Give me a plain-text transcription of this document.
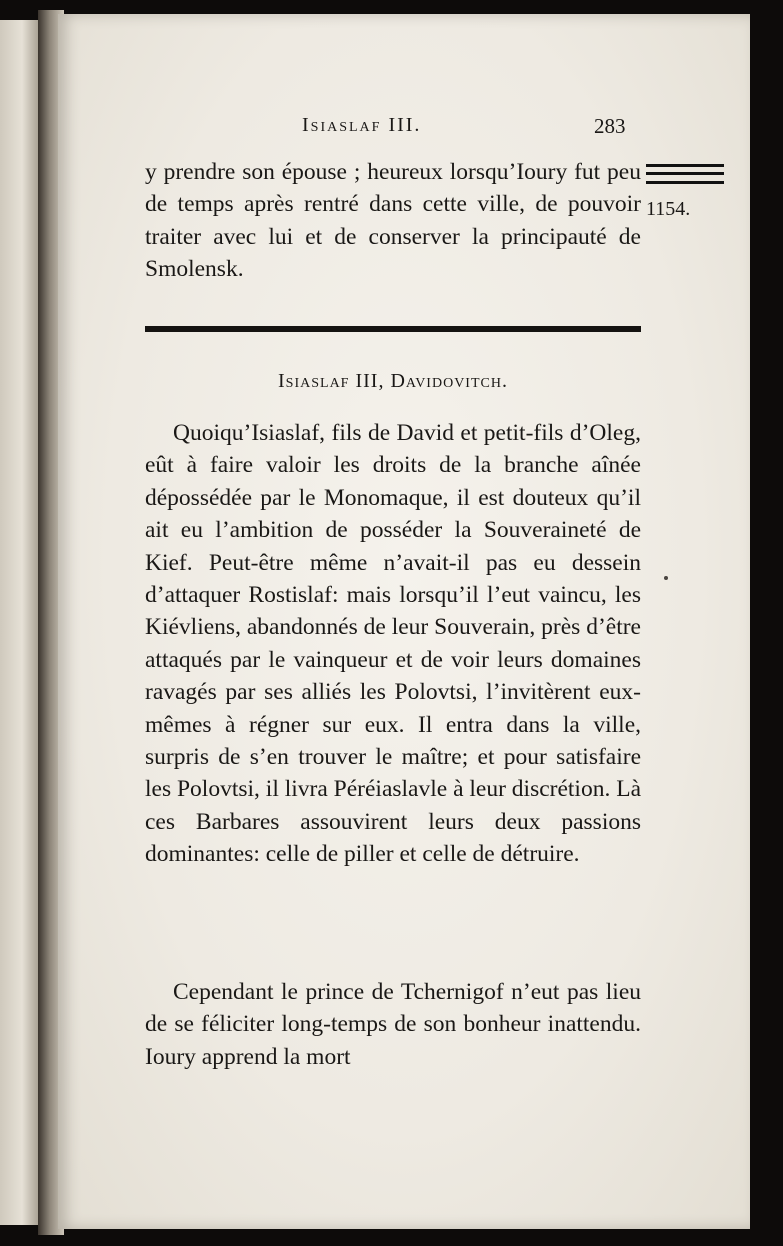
Isiaslaf III.	283
y prendre son épouse ; heureux lorsqu’Ioury fut peu de temps après rentré dans cette ville, de pouvoir traiter avec lui et de conserver la principauté de Smolensk.
1154.
Isiaslaf III, Davidovitch.
Quoiqu’Isiaslaf, fils de David et petit-fils d’Oleg, eût à faire valoir les droits de la branche aînée dépossédée par le Monomaque, il est douteux qu’il ait eu l’ambition de posséder la Souveraineté de Kief. Peut-être même n’avait-il pas eu dessein d’attaquer Rostislaf: mais lorsqu’il l’eut vaincu, les Kiévliens, abandonnés de leur Souverain, près d’être attaqués par le vainqueur et de voir leurs domaines ravagés par ses alliés les Polovtsi, l’invitèrent eux-mêmes à régner sur eux. Il entra dans la ville, surpris de s’en trouver le maître; et pour satisfaire les Polovtsi, il livra Péréiaslavle à leur discrétion. Là ces Barbares assouvirent leurs deux passions dominantes: celle de piller et celle de détruire.
Cependant le prince de Tchernigof n’eut pas lieu de se féliciter long-temps de son bonheur inattendu. Ioury apprend la mort
